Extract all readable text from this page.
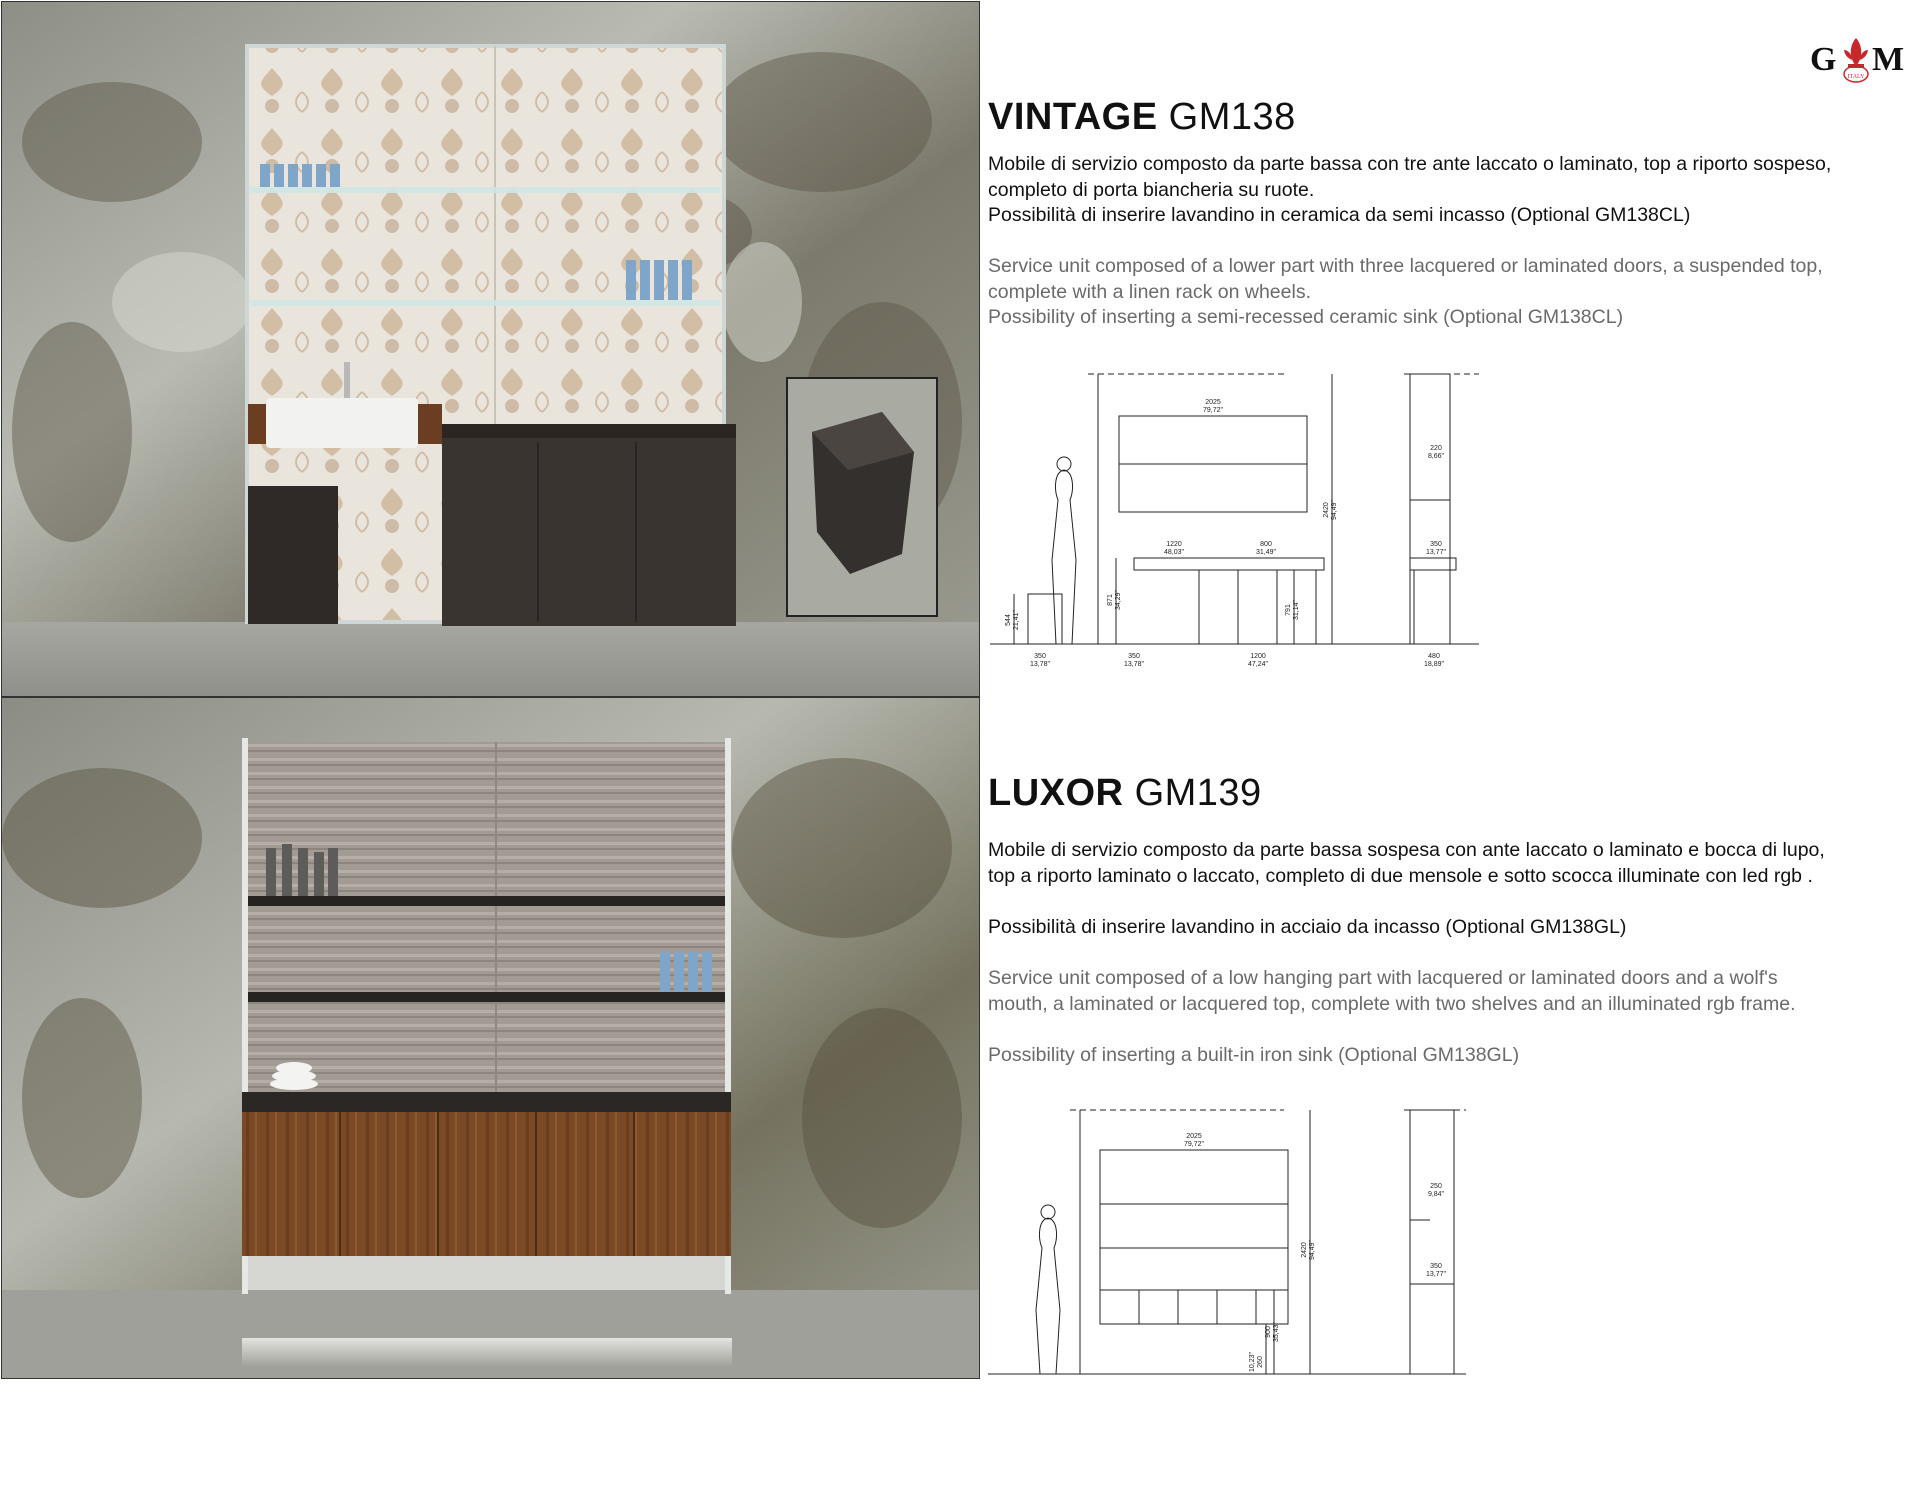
G M
ITALY
VINTAGE GM138

Mobile di servizio composto da parte bassa con tre ante laccato o laminato, top a riporto sospeso, completo di porta biancheria su ruote.

Possibilità di inserire lavandino in ceramica da semi incasso (Optional GM138CL)

Service unit composed of a lower part with three lacquered or laminated doors, a suspended top, complete with a linen rack on wheels.

Possibility of inserting a semi-recessed ceramic sink (Optional GM138CL)

2025
79,72"
1220
48,03"
800
31,49"
1200
47,24"
350
13,78"
350
13,78"
480
18,89"
220
8,66"
350
13,77"
2420 94,49"
791 31,14"
871 34,29"
544 21,41"
LUXOR GM139

Mobile di servizio composto da parte bassa sospesa con ante laccato o laminato e bocca di lupo, top a riporto laminato o laccato, completo di due mensole e sotto scocca illuminate con led rgb .

Possibilità di inserire lavandino in acciaio da incasso (Optional GM138GL)

Service unit composed of a low hanging part with lacquered or laminated doors and a wolf's mouth, a laminated or lacquered top, complete with two shelves and an illuminated rgb frame.

Possibility of inserting a built-in iron sink (Optional GM138GL)

2025
79,72"
250
9,84"
350
13,77"
2420 94,49"
900 35,43"
260
10,23"
